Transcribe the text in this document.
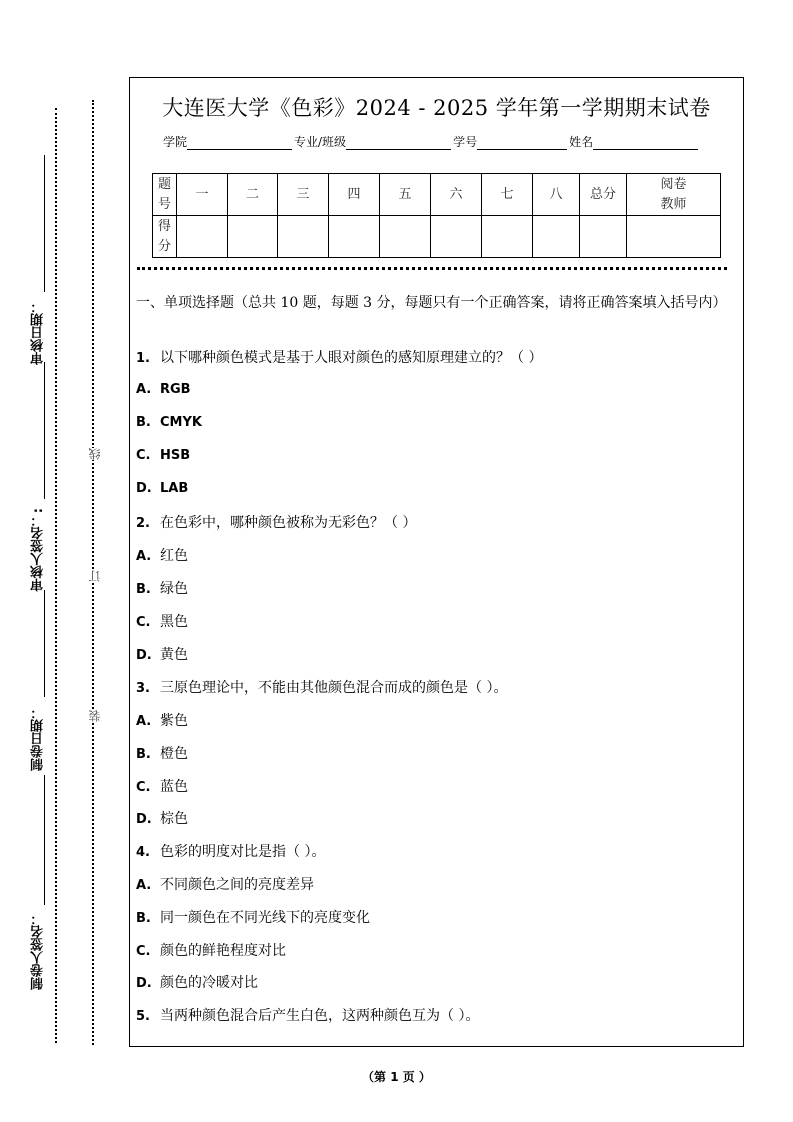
审核日期：
审核人签名：:
制卷日期：
制卷人签名：
线
订
装
大连医大学《色彩》2024 - 2025 学年第一学期期末试卷
学院	专业/班级	学号	姓名
题号	一	二	三	四	五	六	七	八	总分	阅卷教师
得分										
一、单项选择题（总共 10 题，每题 3 分，每题只有一个正确答案，请将正确答案填入括号内）
1. 以下哪种颜色模式是基于人眼对颜色的感知原理建立的？（ ）
A. RGB
B. CMYK
C. HSB
D. LAB
2. 在色彩中，哪种颜色被称为无彩色？（ ）
A. 红色
B. 绿色
C. 黑色
D. 黄色
3. 三原色理论中，不能由其他颜色混合而成的颜色是（ ）。
A. 紫色
B. 橙色
C. 蓝色
D. 棕色
4. 色彩的明度对比是指（ ）。
A. 不同颜色之间的亮度差异
B. 同一颜色在不同光线下的亮度变化
C. 颜色的鲜艳程度对比
D. 颜色的冷暖对比
5. 当两种颜色混合后产生白色，这两种颜色互为（ ）。
（第 1 页 ）
